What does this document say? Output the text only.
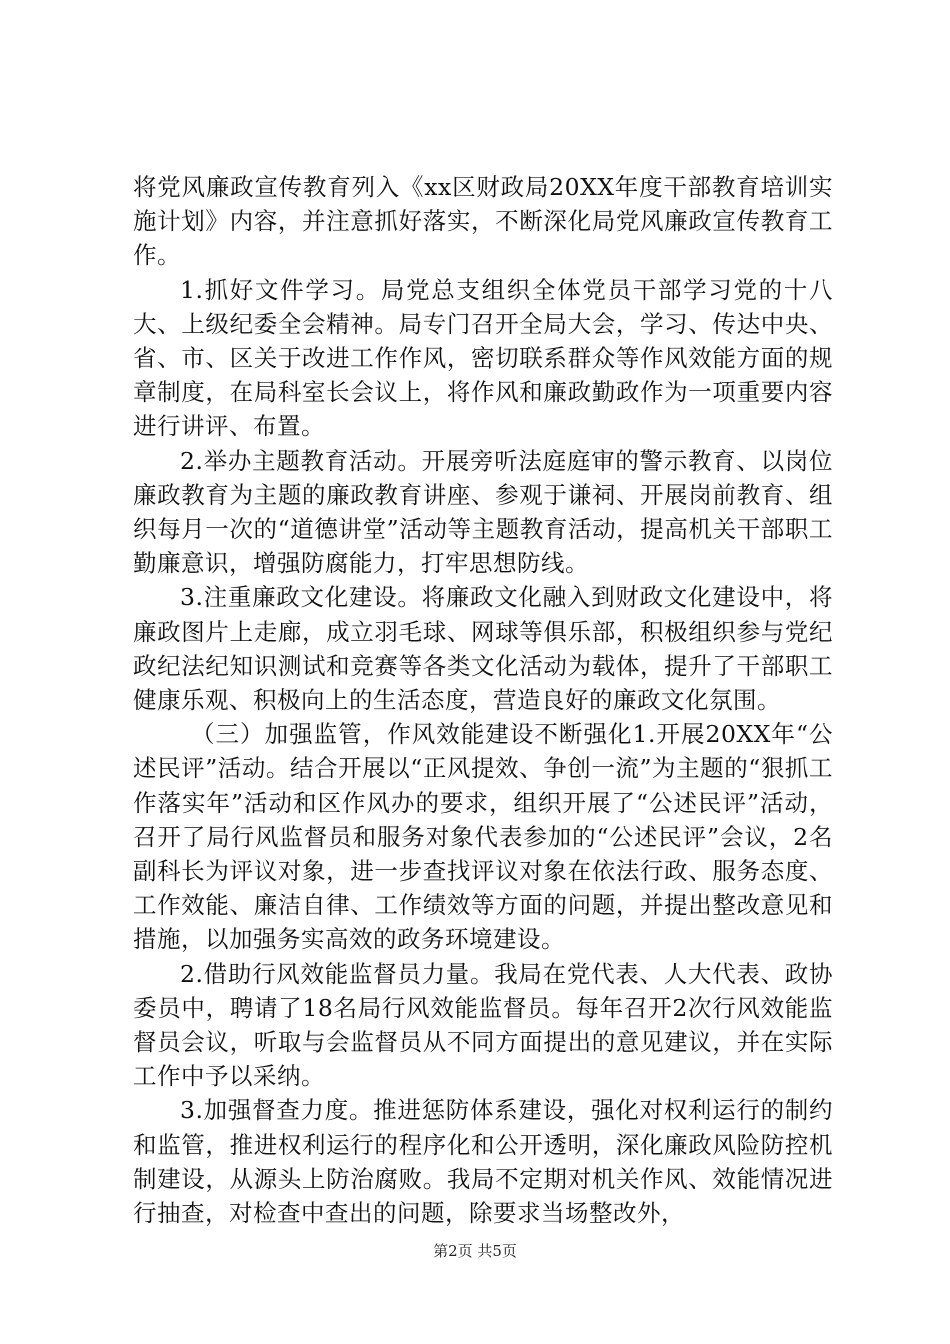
将党风廉政宣传教育列入《xx区财政局20XX年度干部教育培训实施计划》内容，并注意抓好落实，不断深化局党风廉政宣传教育工作。

1.抓好文件学习。局党总支组织全体党员干部学习党的十八大、上级纪委全会精神。局专门召开全局大会，学习、传达中央、省、市、区关于改进工作作风，密切联系群众等作风效能方面的规章制度，在局科室长会议上，将作风和廉政勤政作为一项重要内容进行讲评、布置。

2.举办主题教育活动。开展旁听法庭庭审的警示教育、以岗位廉政教育为主题的廉政教育讲座、参观于谦祠、开展岗前教育、组织每月一次的“道德讲堂”活动等主题教育活动，提高机关干部职工勤廉意识，增强防腐能力，打牢思想防线。

3.注重廉政文化建设。将廉政文化融入到财政文化建设中，将廉政图片上走廊，成立羽毛球、网球等俱乐部，积极组织参与党纪政纪法纪知识测试和竞赛等各类文化活动为载体，提升了干部职工健康乐观、积极向上的生活态度，营造良好的廉政文化氛围。

（三）加强监管，作风效能建设不断强化1.开展20XX年“公述民评”活动。结合开展以“正风提效、争创一流”为主题的“狠抓工作落实年”活动和区作风办的要求，组织开展了“公述民评”活动，召开了局行风监督员和服务对象代表参加的“公述民评”会议，2名副科长为评议对象，进一步查找评议对象在依法行政、服务态度、工作效能、廉洁自律、工作绩效等方面的问题，并提出整改意见和措施，以加强务实高效的政务环境建设。

2.借助行风效能监督员力量。我局在党代表、人大代表、政协委员中，聘请了18名局行风效能监督员。每年召开2次行风效能监督员会议，听取与会监督员从不同方面提出的意见建议，并在实际工作中予以采纳。

3.加强督查力度。推进惩防体系建设，强化对权利运行的制约和监管，推进权利运行的程序化和公开透明，深化廉政风险防控机制建设，从源头上防治腐败。我局不定期对机关作风、效能情况进行抽查，对检查中查出的问题，除要求当场整改外，

第2页 共5页
